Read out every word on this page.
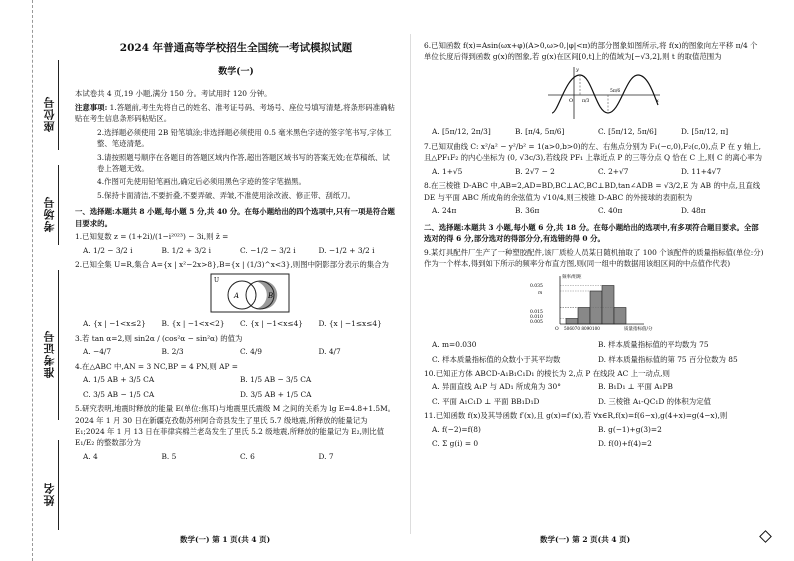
座位号
考场号
准考证号
姓名
2024 年普通高等学校招生全国统一考试模拟试题
数学(一)
本试卷共 4 页,19 小题,满分 150 分。考试用时 120 分钟。
注意事项: 1.答题前,考生先将自己的姓名、准考证号码、考场号、座位号填写清楚,将条形码准确粘贴在考生信息条形码粘贴区。
2.选择题必须使用 2B 铅笔填涂;非选择题必须使用 0.5 毫米黑色字迹的签字笔书写,字体工整、笔迹清楚。
3.请按照题号顺序在各题目的答题区域内作答,超出答题区域书写的答案无效;在草稿纸、试卷上答题无效。
4.作图可先使用铅笔画出,确定后必须用黑色字迹的签字笔描黑。
5.保持卡面清洁,不要折叠,不要弄破、弄皱,不准使用涂改液、修正带、刮纸刀。
一、选择题:本题共 8 小题,每小题 5 分,共 40 分。在每小题给出的四个选项中,只有一项是符合题目要求的。
1.已知复数 z = (1+2i)/(1−i²⁰²³) − 3i,则 z̄ =
A. 1/2 − 3/2 i	B. 1/2 + 3/2 i	C. −1/2 − 3/2 i	D. −1/2 + 3/2 i
2.已知全集 U=R,集合 A={x | x²−2x>8},B={x | (1/3)^x<3},则图中阴影部分表示的集合为
U
A	B
A. {x | −1<x≤2}	B. {x | −1<x<2}	C. {x | −1<x≤4}	D. {x | −1≤x≤4}
3.若 tan α=2,则 sin2α / (cos²α − sin²α) 的值为
A. −4/7	B. 2/3	C. 4/9	D. 4/7
4.在△ABC 中,AN = 3 NC,BP = 4 PN,则 AP =
A. 1/5 AB + 3/5 CA	B. 1/5 AB − 3/5 CA
C. 3/5 AB − 1/5 CA	D. 3/5 AB + 1/5 CA
5.研究表明,地震时释放的能量 E(单位:焦耳)与地震里氏震级 M 之间的关系为 lg E=4.8+1.5M。2024 年 1 月 30 日在新疆克孜勒苏州阿合奇县发生了里氏 5.7 级地震,所释放的能量记为 E₁;2024 年 1 月 13 日在菲律宾棉兰老岛发生了里氏 5.2 级地震,所释放的能量记为 E₂,则比值 E₁/E₂ 的整数部分为
A. 4	B. 5	C. 6	D. 7
数学(一) 第 1 页(共 4 页)
6.已知函数 f(x)=Asin(ωx+φ)(A>0,ω>0,|φ|<π)的部分图象如图所示,将 f(x)的图象向左平移 π/4 个单位长度后得到函数 g(x)的图象,若 g(x)在区间[0,t]上的值域为[−√3,2],则 t 的取值范围为
O	x
y
π/3
5π/6
A. [5π/12, 2π/3]	B. [π/4, 5π/6]	C. [5π/12, 5π/6]	D. [5π/12, π]
7.已知双曲线 C: x²/a² − y²/b² = 1(a>0,b>0)的左、右焦点分别为 F₁(−c,0),F₂(c,0),点 P 在 y 轴上,且△PF₁F₂ 的内心坐标为 (0, √3c/3),若线段 PF₁ 上靠近点 P 的三等分点 Q 恰在 C 上,则 C 的离心率为
A. 1+√5	B. 2√7 − 2	C. 2+√7	D. 11+4√7
8.在三棱锥 D-ABC 中,AB=2,AD=BD,BC⊥AC,BC⊥BD,tan∠ADB = √3/2,E 为 AB 的中点,且直线 DE 与平面 ABC 所成角的余弦值为 √10/4,则三棱锥 D-ABC 的外接球的表面积为
A. 24π	B. 36π	C. 40π	D. 48π
二、选择题:本题共 3 小题,每小题 6 分,共 18 分。在每小题给出的选项中,有多项符合题目要求。全部选对的得 6 分,部分选对的得部分分,有选错的得 0 分。
9.某灯具配件厂生产了一种塑胶配件,该厂质检人员某日随机抽取了 100 个该配件的质量指标值(单位:分)作为一个样本,得到如下所示的频率分布直方图,则(同一组中的数据用该组区间的中点值作代表)
频率/组距
0.035
m
0.015
0.010
0.005
O 506070 8090100	质量指标值/分
A. m=0.030	B. 样本质量指标值的平均数为 75
C. 样本质量指标值的众数小于其平均数	D. 样本质量指标值的第 75 百分位数为 85
10.已知正方体 ABCD-A₁B₁C₁D₁ 的棱长为 2,点 P 在线段 AC 上一动点,则
A. 异面直线 A₁P 与 AD₁ 所成角为 30°	B. B₁D₁ ⊥ 平面 A₁PB
C. 平面 A₁C₁D ⊥ 平面 BB₁D₁D	D. 三棱锥 A₁-QC₁D 的体积为定值
11.已知函数 f(x)及其导函数 f′(x),且 g(x)=f′(x),若 ∀x∈R,f(x)=f(6−x),g(4+x)=g(4−x),则
A. f(−2)=f(8)	B. g(−1)+g(3)=2
C. Σ g(i) = 0	D. f(0)+f(4)=2
数学(一) 第 2 页(共 4 页)
